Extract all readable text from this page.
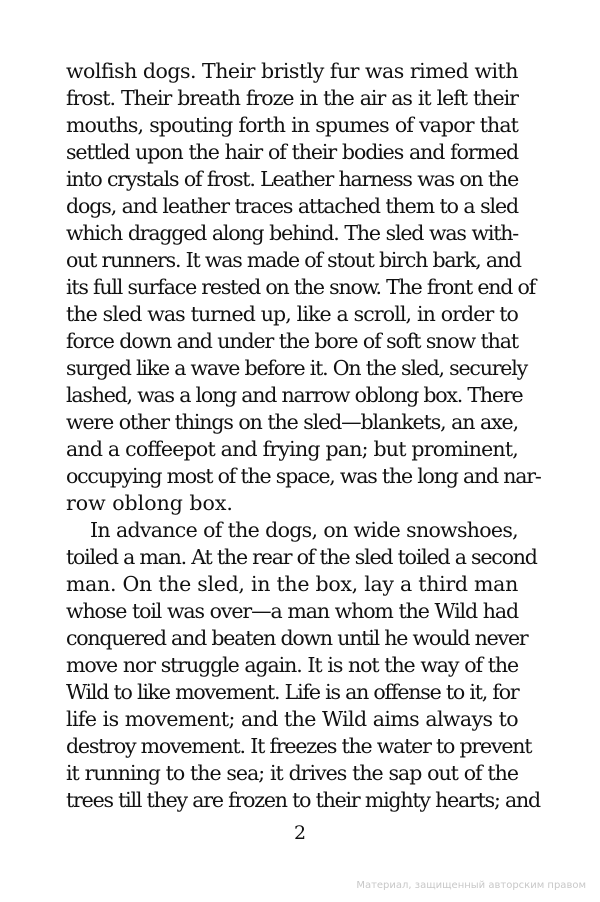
wolfish dogs. Their bristly fur was rimed with
frost. Their breath froze in the air as it left their
mouths, spouting forth in spumes of vapor that
settled upon the hair of their bodies and formed
into crystals of frost. Leather harness was on the
dogs, and leather traces attached them to a sled
which dragged along behind. The sled was with-
out runners. It was made of stout birch bark, and
its full surface rested on the snow. The front end of
the sled was turned up, like a scroll, in order to
force down and under the bore of soft snow that
surged like a wave before it. On the sled, securely
lashed, was a long and narrow oblong box. There
were other things on the sled—blankets, an axe,
and a coffeepot and frying pan; but prominent,
occupying most of the space, was the long and nar-
row oblong box.
In advance of the dogs, on wide snowshoes,
toiled a man. At the rear of the sled toiled a second
man. On the sled, in the box, lay a third man
whose toil was over—a man whom the Wild had
conquered and beaten down until he would never
move nor struggle again. It is not the way of the
Wild to like movement. Life is an offense to it, for
life is movement; and the Wild aims always to
destroy movement. It freezes the water to prevent
it running to the sea; it drives the sap out of the
trees till they are frozen to their mighty hearts; and
2
Материал, защищенный авторским правом
